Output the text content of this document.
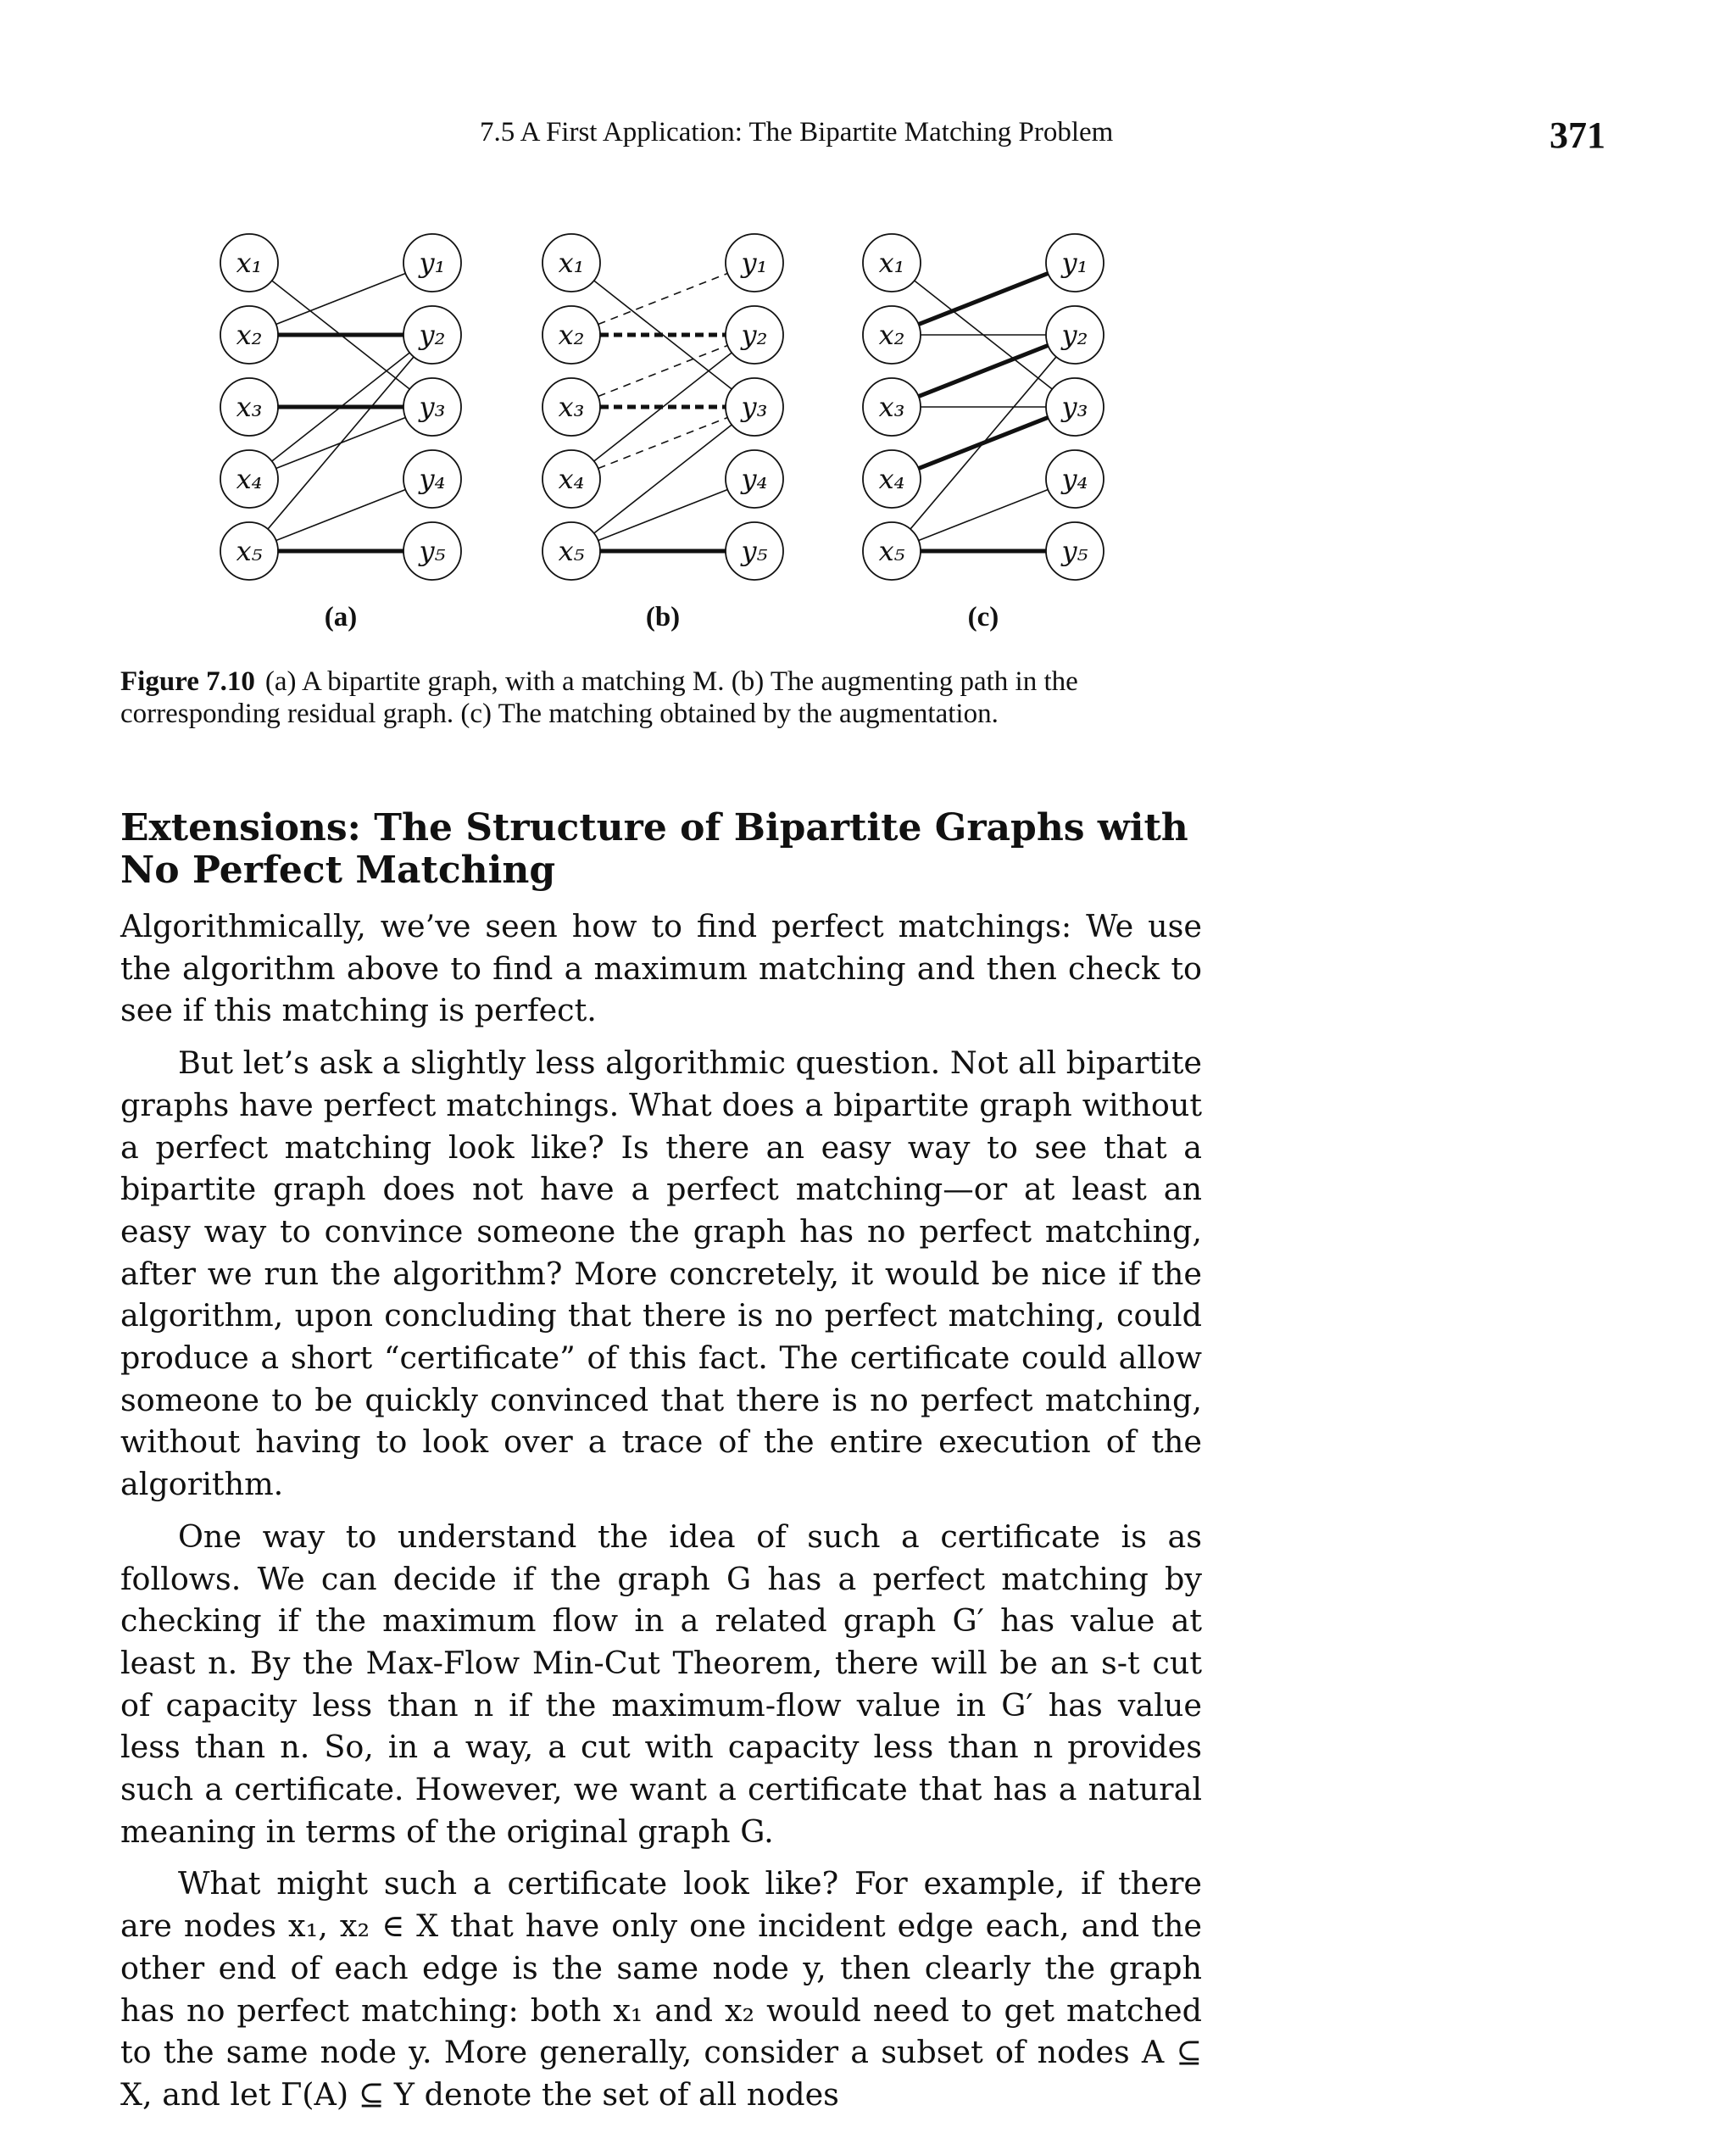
7.5 A First Application: The Bipartite Matching Problem	371
x₁
x₂
x₃
x₄
x₅
y₁
y₂
y₃
y₄
y₅
(a)
x₁
x₂
x₃
x₄
x₅
y₁
y₂
y₃
y₄
y₅
(b)
x₁
x₂
x₃
x₄
x₅
y₁
y₂
y₃
y₄
y₅
(c)
Figure 7.10 (a) A bipartite graph, with a matching M. (b) The augmenting path in the corresponding residual graph. (c) The matching obtained by the augmentation.
Extensions: The Structure of Bipartite Graphs with
No Perfect Matching

Algorithmically, we’ve seen how to find perfect matchings: We use the algorithm above to find a maximum matching and then check to see if this matching is perfect.

But let’s ask a slightly less algorithmic question. Not all bipartite graphs have perfect matchings. What does a bipartite graph without a perfect matching look like? Is there an easy way to see that a bipartite graph does not have a perfect matching—or at least an easy way to convince someone the graph has no perfect matching, after we run the algorithm? More concretely, it would be nice if the algorithm, upon concluding that there is no perfect matching, could produce a short “certificate” of this fact. The certificate could allow someone to be quickly convinced that there is no perfect matching, without having to look over a trace of the entire execution of the algorithm.

One way to understand the idea of such a certificate is as follows. We can decide if the graph G has a perfect matching by checking if the maximum flow in a related graph G′ has value at least n. By the Max-Flow Min-Cut Theorem, there will be an s-t cut of capacity less than n if the maximum-flow value in G′ has value less than n. So, in a way, a cut with capacity less than n provides such a certificate. However, we want a certificate that has a natural meaning in terms of the original graph G.

What might such a certificate look like? For example, if there are nodes x₁, x₂ ∈ X that have only one incident edge each, and the other end of each edge is the same node y, then clearly the graph has no perfect matching: both x₁ and x₂ would need to get matched to the same node y. More generally, consider a subset of nodes A ⊆ X, and let Γ(A) ⊆ Y denote the set of all nodes
